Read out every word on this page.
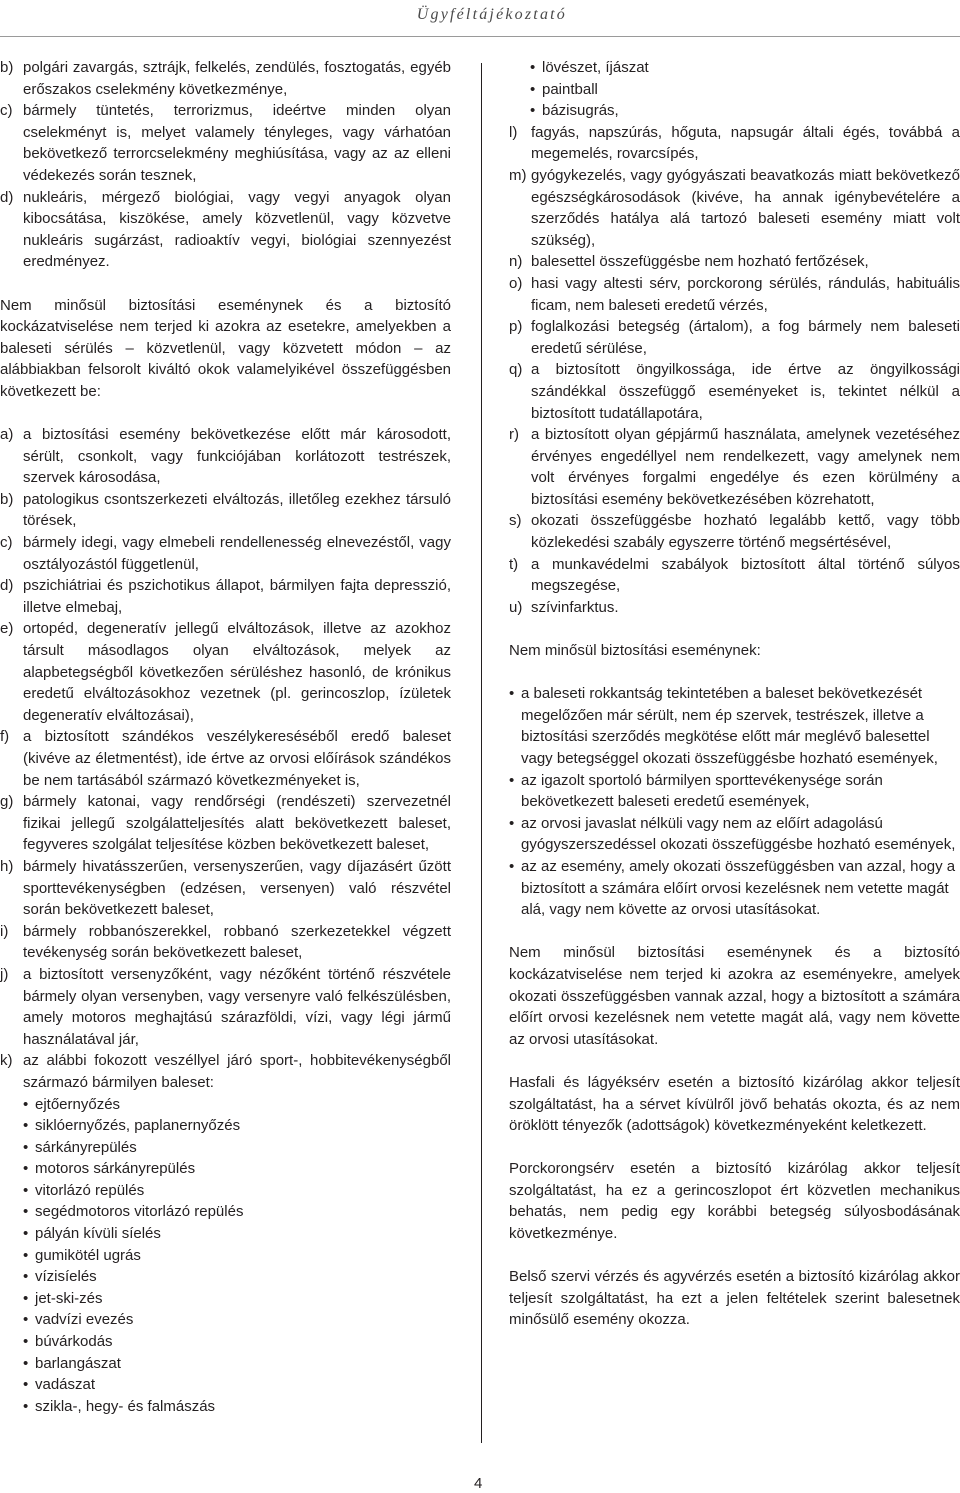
Ügyféltájékoztató
b) polgári zavargás, sztrájk, felkelés, zendülés, fosztogatás, egyéb erőszakos cselekmény következménye,
c) bármely tüntetés, terrorizmus, ideértve minden olyan cselekményt is, melyet valamely tényleges, vagy várhatóan bekövetkező terrorcselekmény meghiúsítása, vagy az az elleni védekezés során tesznek,
d) nukleáris, mérgező biológiai, vagy vegyi anyagok olyan kibocsátása, kiszökése, amely közvetlenül, vagy közvetve nukleáris sugárzást, radioaktív vegyi, biológiai szennyezést eredményez.

Nem minősül biztosítási eseménynek és a biztosító kockázatviselése nem terjed ki azokra az esetekre, amelyekben a baleseti sérülés – közvetlenül, vagy közvetett módon – az alábbiakban felsorolt kiváltó okok valamelyikével összefüggésben következett be:

a) a biztosítási esemény bekövetkezése előtt már károsodott, sérült, csonkolt, vagy funkciójában korlátozott testrészek, szervek károsodása,
b) patologikus csontszerkezeti elváltozás, illetőleg ezekhez társuló törések,
c) bármely idegi, vagy elmebeli rendellenesség elnevezéstől, vagy osztályozástól függetlenül,
d) pszichiátriai és pszichotikus állapot, bármilyen fajta depresszió, illetve elmebaj,
e) ortopéd, degeneratív jellegű elváltozások, illetve az azokhoz társult másodlagos olyan elváltozások, melyek az alapbetegségből következően sérüléshez hasonló, de krónikus eredetű elváltozásokhoz vezetnek (pl. gerincoszlop, ízületek degeneratív elváltozásai),
f) a biztosított szándékos veszélykereséséből eredő baleset (kivéve az életmentést), ide értve az orvosi előírások szándékos be nem tartásából származó következményeket is,
g) bármely katonai, vagy rendőrségi (rendészeti) szervezetnél fizikai jellegű szolgálatteljesítés alatt bekövetkezett baleset, fegyveres szolgálat teljesítése közben bekövetkezett baleset,
h) bármely hivatásszerűen, versenyszerűen, vagy díjazásért űzött sporttevékenységben (edzésen, versenyen) való részvétel során bekövetkezett baleset,
i) bármely robbanószerekkel, robbanó szerkezetekkel végzett tevékenység során bekövetkezett baleset,
j) a biztosított versenyzőként, vagy nézőként történő részvétele bármely olyan versenyben, vagy versenyre való felkészülésben, amely motoros meghajtású szárazföldi, vízi, vagy légi jármű használatával jár,
k) az alábbi fokozott veszéllyel járó sport-, hobbitevékenységből származó bármilyen baleset:
• ejtőernyőzés
• siklóernyőzés, paplanernyőzés
• sárkányrepülés
• motoros sárkányrepülés
• vitorlázó repülés
• segédmotoros vitorlázó repülés
• pályán kívüli síelés
• gumikötél ugrás
• vízisíelés
• jet-ski-zés
• vadvízi evezés
• búvárkodás
• barlangászat
• vadászat
• szikla-, hegy- és falmászás
• lövészet, íjászat
• paintball
• bázisugrás,
l) fagyás, napszúrás, hőguta, napsugár általi égés, továbbá a megemelés, rovarcsípés,
m) gyógykezelés, vagy gyógyászati beavatkozás miatt bekövetkező egészségkárosodások (kivéve, ha annak igénybevételére a szerződés hatálya alá tartozó baleseti esemény miatt volt szükség),
n) balesettel összefüggésbe nem hozható fertőzések,
o) hasi vagy altesti sérv, porckorong sérülés, rándulás, habituális ficam, nem baleseti eredetű vérzés,
p) foglalkozási betegség (ártalom), a fog bármely nem baleseti eredetű sérülése,
q) a biztosított öngyilkossága, ide értve az öngyilkossági szándékkal összefüggő eseményeket is, tekintet nélkül a biztosított tudatállapotára,
r) a biztosított olyan gépjármű használata, amelynek vezetéséhez érvényes engedéllyel nem rendelkezett, vagy amelynek nem volt érvényes forgalmi engedélye és ezen körülmény a biztosítási esemény bekövetkezésében közrehatott,
s) okozati összefüggésbe hozható legalább kettő, vagy több közlekedési szabály egyszerre történő megsértésével,
t) a munkavédelmi szabályok biztosított által történő súlyos megszegése,
u) szívinfarktus.

Nem minősül biztosítási eseménynek:

• a baleseti rokkantság tekintetében a baleset bekövetkezését megelőzően már sérült, nem ép szervek, testrészek, illetve a biztosítási szerződés megkötése előtt már meglévő balesettel vagy betegséggel okozati összefüggésbe hozható események,
• az igazolt sportoló bármilyen sporttevékenysége során bekövetkezett baleseti eredetű események,
• az orvosi javaslat nélküli vagy nem az előírt adagolású gyógyszerszedéssel okozati összefüggésbe hozható események,
• az az esemény, amely okozati összefüggésben van azzal, hogy a biztosított a számára előírt orvosi kezelésnek nem vetette magát alá, vagy nem követte az orvosi utasításokat.

Nem minősül biztosítási eseménynek és a biztosító kockázatviselése nem terjed ki azokra az eseményekre, amelyek okozati összefüggésben vannak azzal, hogy a biztosított a számára előírt orvosi kezelésnek nem vetette magát alá, vagy nem követte az orvosi utasításokat.

Hasfali és lágyéksérv esetén a biztosító kizárólag akkor teljesít szolgáltatást, ha a sérvet kívülről jövő behatás okozta, és az nem öröklött tényezők (adottságok) következményeként keletkezett.

Porckorongsérv esetén a biztosító kizárólag akkor teljesít szolgáltatást, ha ez a gerincoszlopot ért közvetlen mechanikus behatás, nem pedig egy korábbi betegség súlyosbodásának következménye.

Belső szervi vérzés és agyvérzés esetén a biztosító kizárólag akkor teljesít szolgáltatást, ha ezt a jelen feltételek szerint balesetnek minősülő esemény okozza.

4
